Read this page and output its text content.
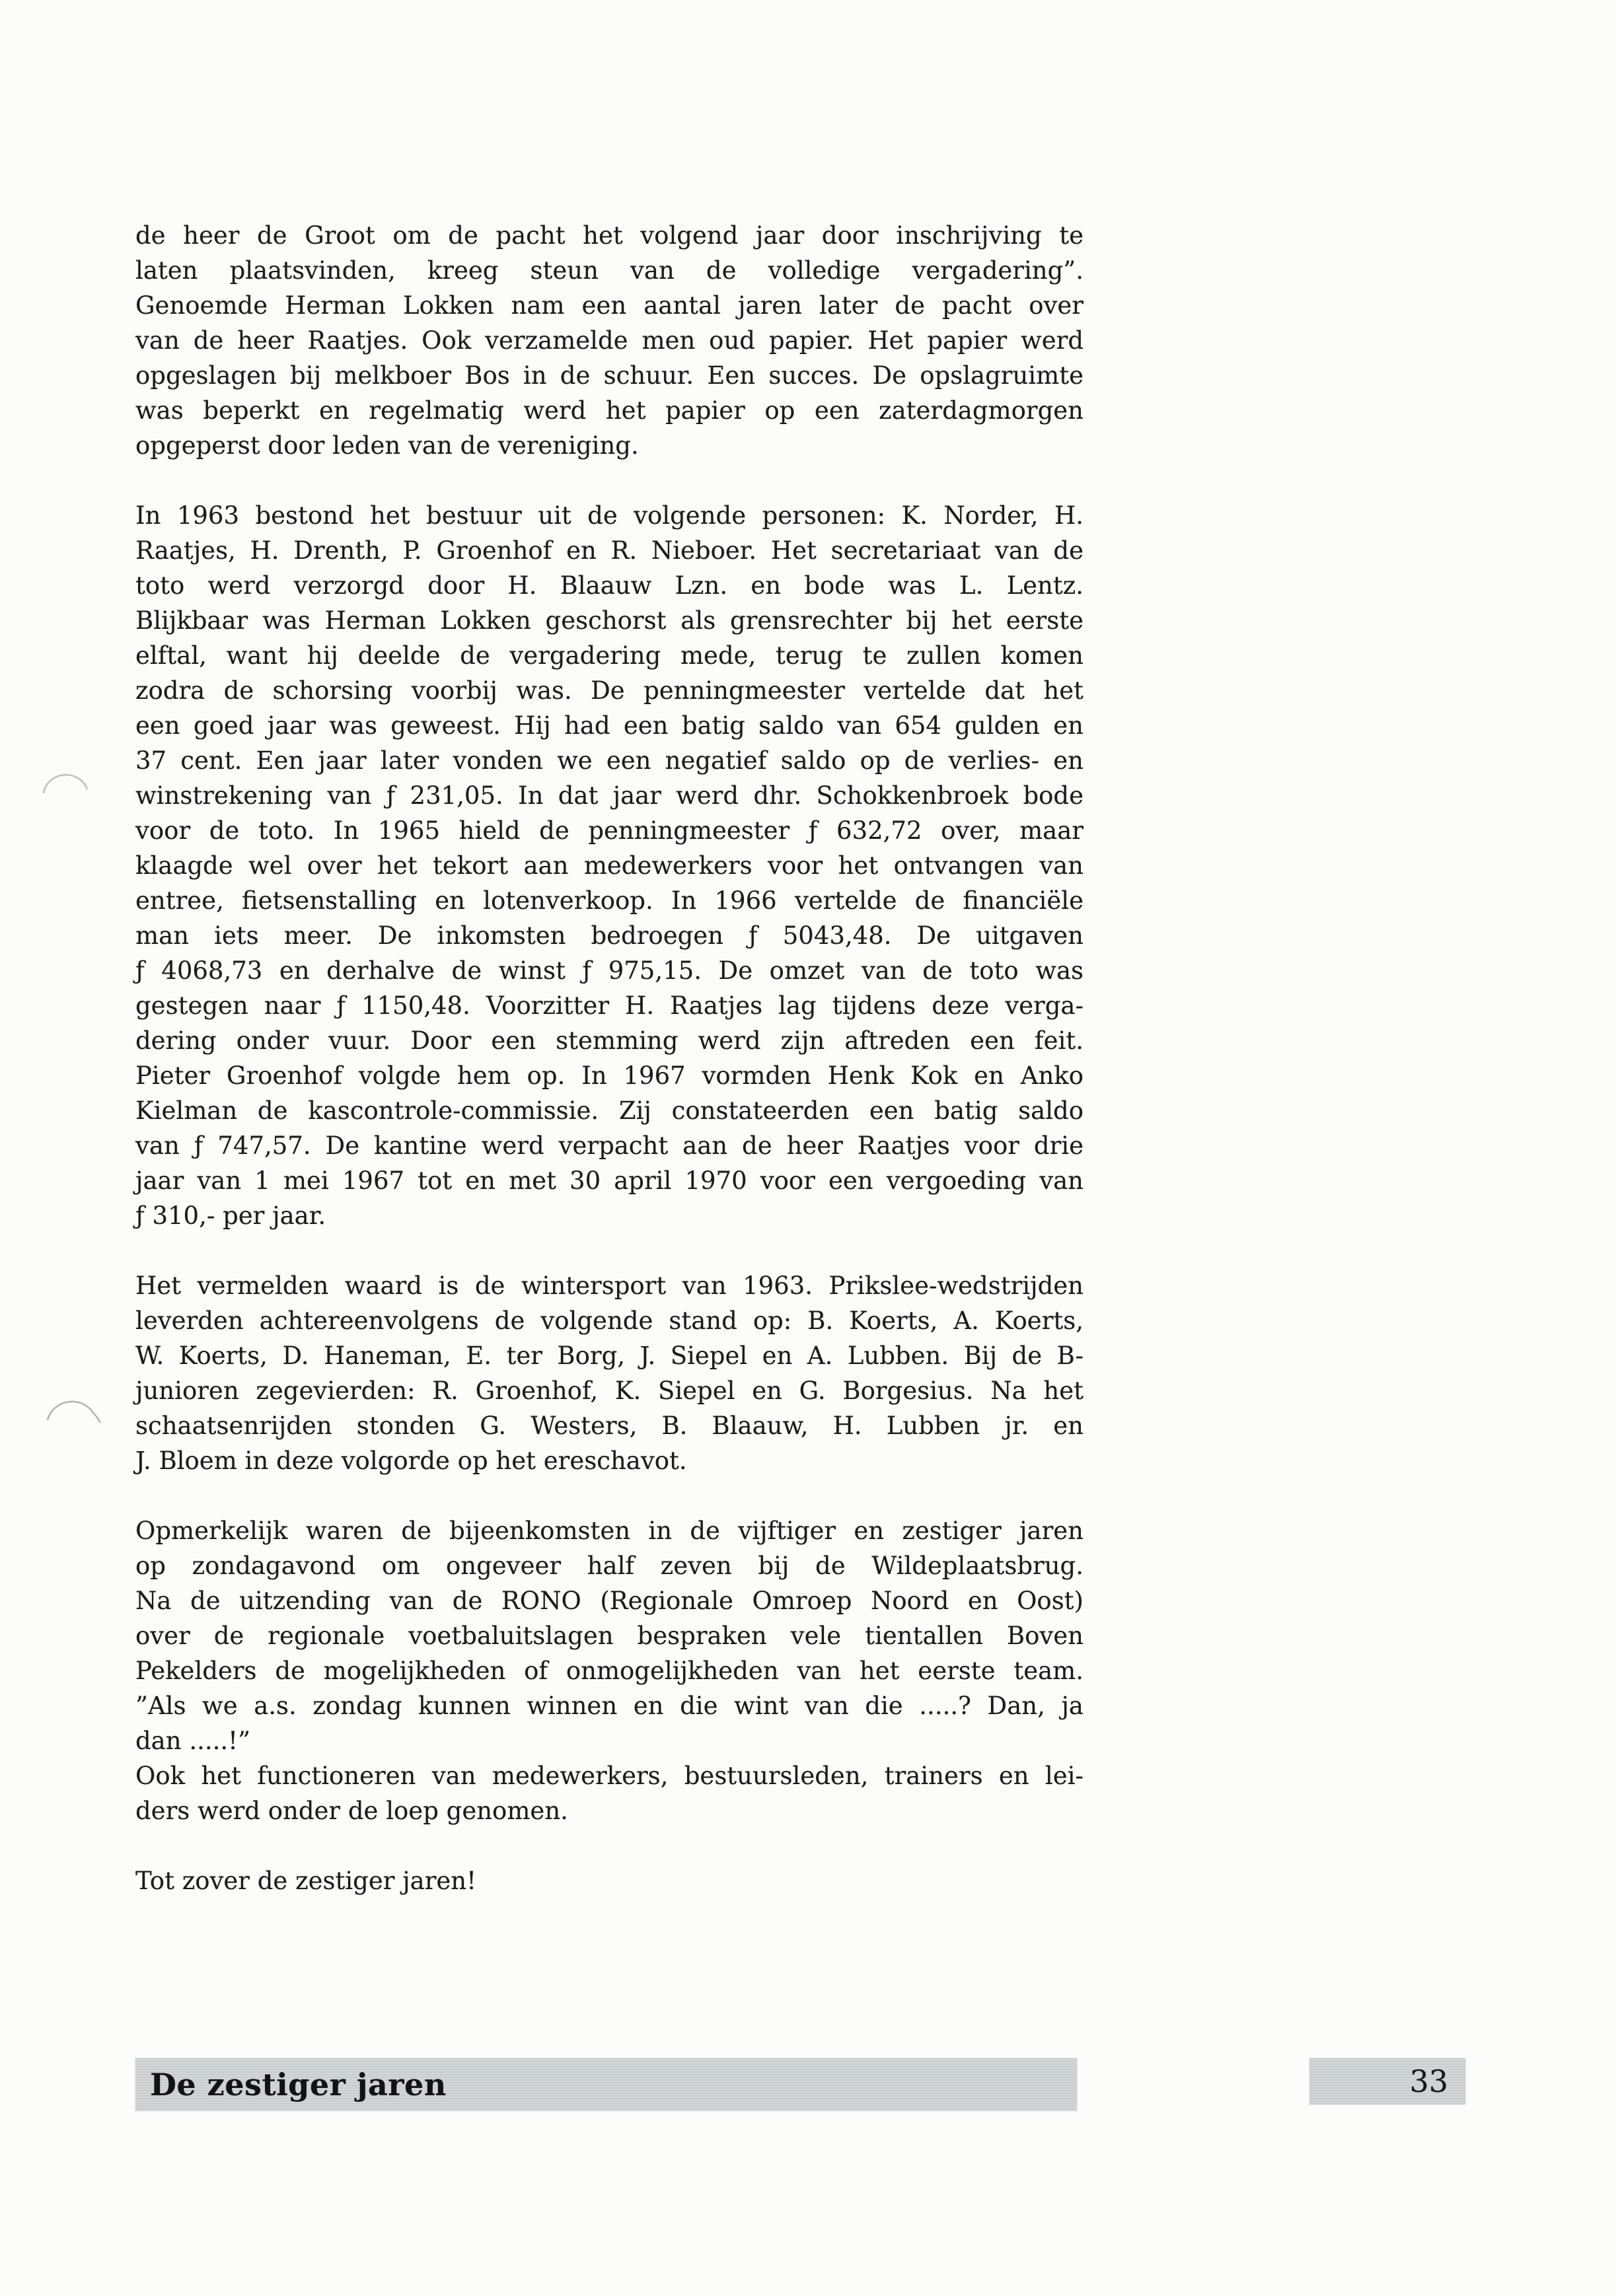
de heer de Groot om de pacht het volgend jaar door inschrijving te
laten plaatsvinden, kreeg steun van de volledige vergadering”.
Genoemde Herman Lokken nam een aantal jaren later de pacht over
van de heer Raatjes. Ook verzamelde men oud papier. Het papier werd
opgeslagen bij melkboer Bos in de schuur. Een succes. De opslagruimte
was beperkt en regelmatig werd het papier op een zaterdagmorgen
opgeperst door leden van de vereniging.
In 1963 bestond het bestuur uit de volgende personen: K. Norder, H.
Raatjes, H. Drenth, P. Groenhof en R. Nieboer. Het secretariaat van de
toto werd verzorgd door H. Blaauw Lzn. en bode was L. Lentz.
Blijkbaar was Herman Lokken geschorst als grensrechter bij het eerste
elftal, want hij deelde de vergadering mede, terug te zullen komen
zodra de schorsing voorbij was. De penningmeester vertelde dat het
een goed jaar was geweest. Hij had een batig saldo van 654 gulden en
37 cent. Een jaar later vonden we een negatief saldo op de verlies- en
winstrekening van ƒ 231,05. In dat jaar werd dhr. Schokkenbroek bode
voor de toto. In 1965 hield de penningmeester ƒ 632,72 over, maar
klaagde wel over het tekort aan medewerkers voor het ontvangen van
entree, fietsenstalling en lotenverkoop. In 1966 vertelde de financiële
man iets meer. De inkomsten bedroegen ƒ 5043,48. De uitgaven
ƒ 4068,73 en derhalve de winst ƒ 975,15. De omzet van de toto was
gestegen naar ƒ 1150,48. Voorzitter H. Raatjes lag tijdens deze verga-
dering onder vuur. Door een stemming werd zijn aftreden een feit.
Pieter Groenhof volgde hem op. In 1967 vormden Henk Kok en Anko
Kielman de kascontrole-commissie. Zij constateerden een batig saldo
van ƒ 747,57. De kantine werd verpacht aan de heer Raatjes voor drie
jaar van 1 mei 1967 tot en met 30 april 1970 voor een vergoeding van
ƒ 310,- per jaar.
Het vermelden waard is de wintersport van 1963. Prikslee-wedstrijden
leverden achtereenvolgens de volgende stand op: B. Koerts, A. Koerts,
W. Koerts, D. Haneman, E. ter Borg, J. Siepel en A. Lubben. Bij de B-
junioren zegevierden: R. Groenhof, K. Siepel en G. Borgesius. Na het
schaatsenrijden stonden G. Westers, B. Blaauw, H. Lubben jr. en
J. Bloem in deze volgorde op het ereschavot.
Opmerkelijk waren de bijeenkomsten in de vijftiger en zestiger jaren
op zondagavond om ongeveer half zeven bij de Wildeplaatsbrug.
Na de uitzending van de RONO (Regionale Omroep Noord en Oost)
over de regionale voetbaluitslagen bespraken vele tientallen Boven
Pekelders de mogelijkheden of onmogelijkheden van het eerste team.
”Als we a.s. zondag kunnen winnen en die wint van die .....? Dan, ja
dan .....!”
Ook het functioneren van medewerkers, bestuursleden, trainers en lei-
ders werd onder de loep genomen.
Tot zover de zestiger jaren!
De zestiger jaren	33
